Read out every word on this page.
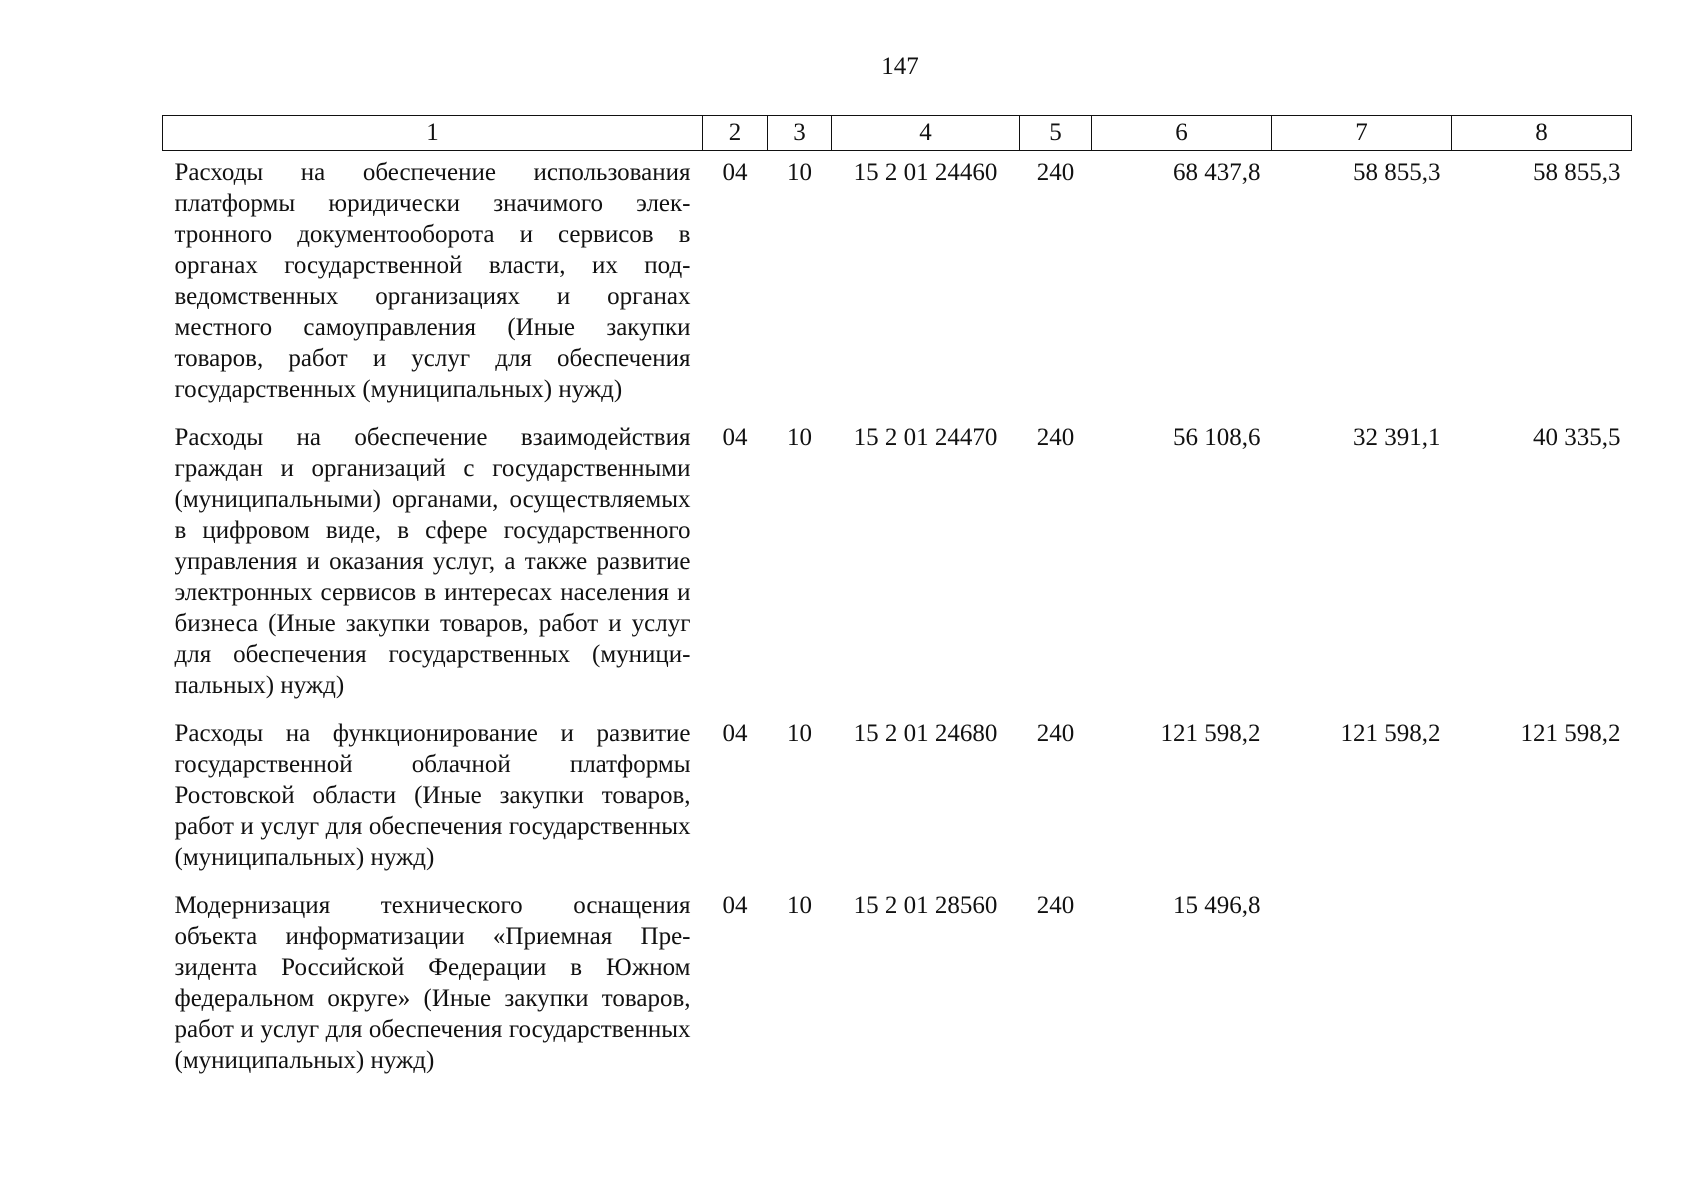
147
1	2	3	4	5	6	7	8
Расходы на обеспечение использования платформы юридически значимого электронного документооборота и сервисов в органах государственной власти, их подведомственных организациях и органах местного самоуправления (Иные закупки товаров, работ и услуг для обеспечения государственных (муниципальных) нужд)	04	10	15 2 01 24460	240	68 437,8	58 855,3	58 855,3
Расходы на обеспечение взаимодействия граждан и организаций с государственными (муниципальными) органами, осуществляемых в цифровом виде, в сфере государственного управления и оказания услуг, а также развитие электронных сервисов в интересах населения и бизнеса (Иные закупки товаров, работ и услуг для обеспечения государственных (муниципальных) нужд)	04	10	15 2 01 24470	240	56 108,6	32 391,1	40 335,5
Расходы на функционирование и развитие государственной облачной платформы Ростовской области (Иные закупки товаров, работ и услуг для обеспечения государственных (муниципальных) нужд)	04	10	15 2 01 24680	240	121 598,2	121 598,2	121 598,2
Модернизация технического оснащения объекта информатизации «Приемная Президента Российской Федерации в Южном федеральном округе» (Иные закупки товаров, работ и услуг для обеспечения государственных (муниципальных) нужд)	04	10	15 2 01 28560	240	15 496,8		
